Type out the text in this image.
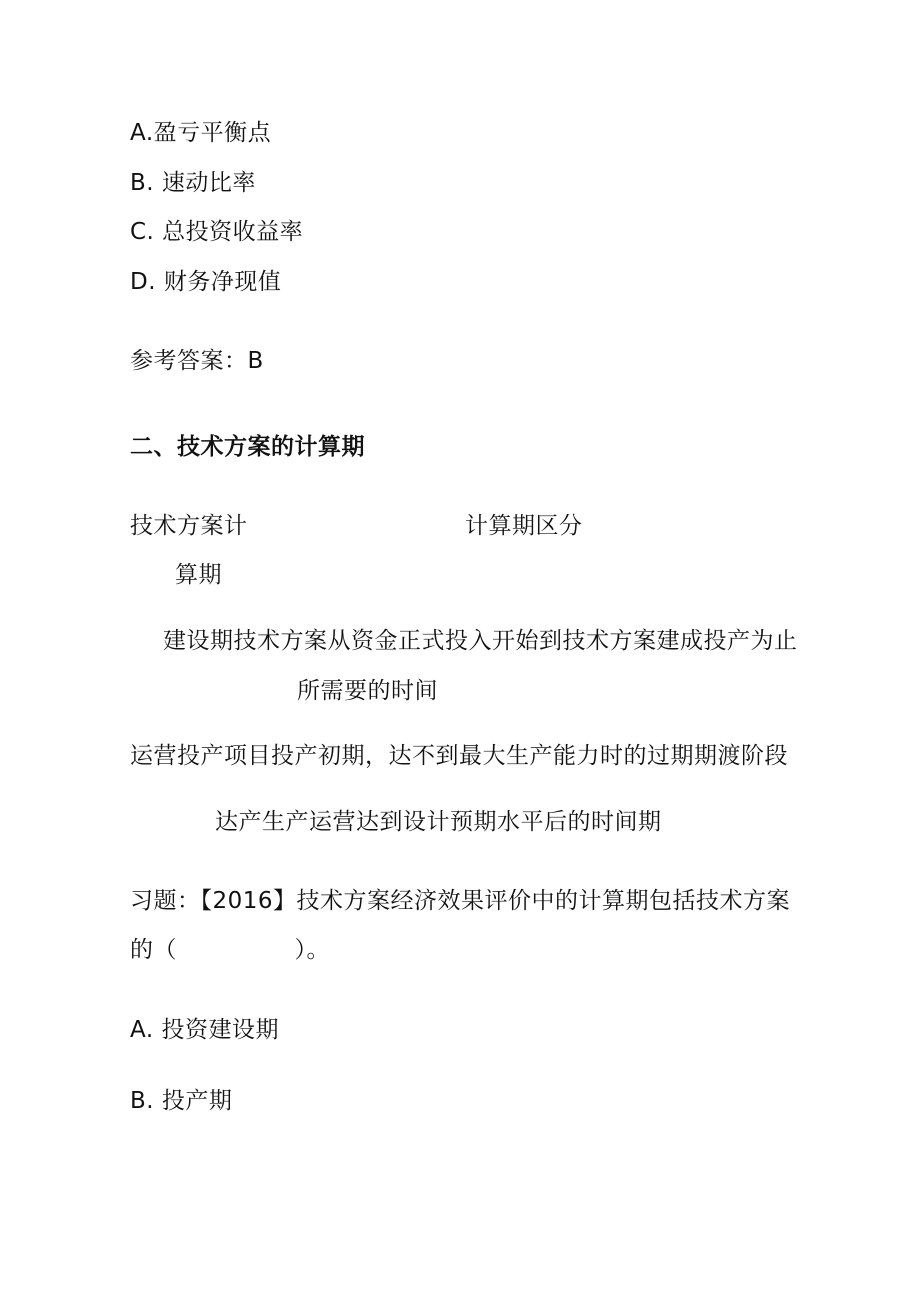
A.盈亏平衡点
B. 速动比率
C. 总投资收益率
D. 财务净现值
参考答案：B
二、技术方案的计算期
技术方案计	计算期区分
算期
建设期技术方案从资金正式投入开始到技术方案建成投产为止
所需要的时间
运营投产项目投产初期，达不到最大生产能力时的过期期渡阶段
达产生产运营达到设计预期水平后的时间期
习题：【2016】技术方案经济效果评价中的计算期包括技术方案
的（　　　　　）。
A. 投资建设期
B. 投产期
